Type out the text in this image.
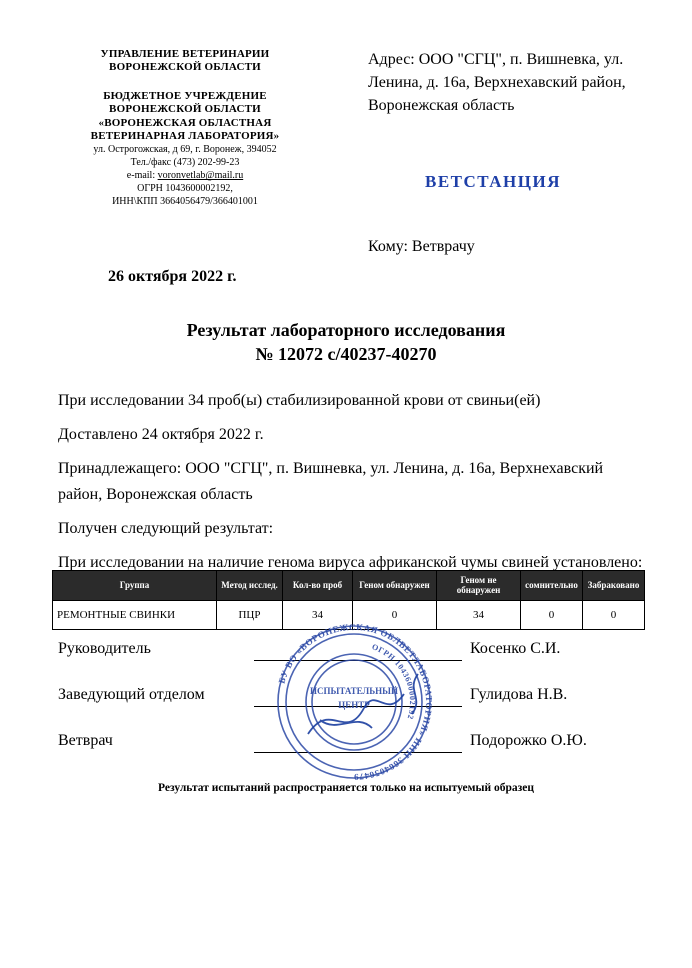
УПРАВЛЕНИЕ ВЕТЕРИНАРИИ
ВОРОНЕЖСКОЙ ОБЛАСТИ
БЮДЖЕТНОЕ УЧРЕЖДЕНИЕ
ВОРОНЕЖСКОЙ ОБЛАСТИ
«ВОРОНЕЖСКАЯ ОБЛАСТНАЯ
ВЕТЕРИНАРНАЯ ЛАБОРАТОРИЯ»
ул. Острогожская, д 69, г. Воронеж, 394052
Тел./факс (473) 202-99-23
e-mail: voronvetlab@mail.ru
ОГРН 1043600002192,
ИНН\КПП 3664056479/366401001
Адрес: ООО "СГЦ", п. Вишневка, ул. Ленина, д. 16а, Верхнехавский район, Воронежская область
ВЕТСТАНЦИЯ
Кому: Ветврачу
26 октября 2022 г.
Результат лабораторного исследования
№ 12072 с/40237-40270

При исследовании 34 проб(ы) стабилизированной крови от свиньи(ей)

Доставлено 24 октября 2022 г.

Принадлежащего: ООО "СГЦ", п. Вишневка, ул. Ленина, д. 16а, Верхнехавский район, Воронежская область

Получен следующий результат:

При исследовании на наличие генома вируса африканской чумы свиней установлено:

Группа	Метод исслед.	Кол-во проб	Геном обнаружен	Геном не обнаружен	сомнительно	Забраковано
РЕМОНТНЫЕ СВИНКИ	ПЦР	34	0	34	0	0
Руководитель	Косенко С.И.
Заведующий отделом	Гулидова Н.В.
Ветврач	Подорожко О.Ю.
БУ ВО «ВОРОНЕЖСКАЯ ОБЛВЕТЛАБОРАТОРИЯ» ИНН 3664056479
ОГРН 1043600002192
ИСПЫТАТЕЛЬНЫЙ
ЦЕНТР
Результат испытаний распространяется только на испытуемый образец
